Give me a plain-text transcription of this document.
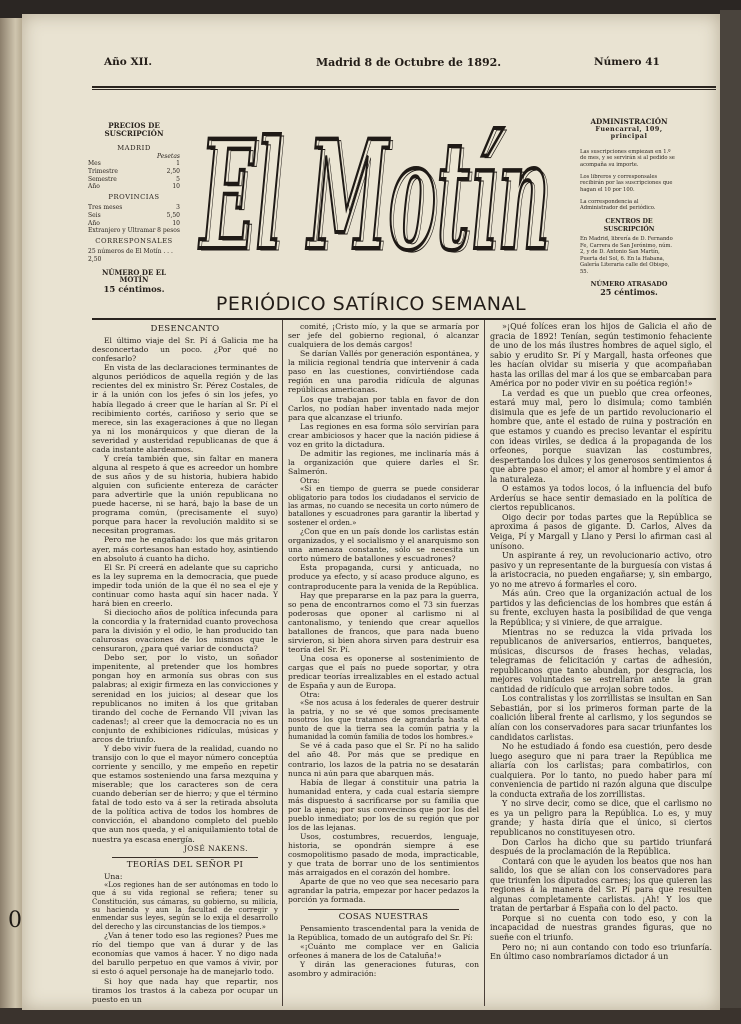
0
Año XII.	Madrid 8 de Octubre de 1892.	Número 41
El Motín
El Motín
PERIÓDICO SATÍRICO SEMANAL
PRECIOS DE SUSCRIPCIÓN
MADRID
Pesetas
Mes	1
Trimestre	2,50
Semestre	5
Año	10
PROVINCIAS
Tres meses	3
Seis	5,50
Año	10
Extranjero y Ultramar 8 pesos
CORRESPONSALES
25 números de El Motín . . . 2,50
NÚMERO DE EL MOTÍN
15 céntimos.
ADMINISTRACIÓN
Fuencarral, 109, principal

Las suscripciones empiezan en 1.º de mes, y se servirán si al pedido se acompaña su importe.

Los libreros y corresponsales recibirán por las suscripciones que hagan el 10 por 100.

La correspondencia al Administrador del periódico.

CENTROS DE SUSCRIPCIÓN
En Madrid, librería de D. Fernando Fe, Carrera de San Jerónimo, núm. 2, y de D. Antonio San Martín, Puerta del Sol, 6. En la Habana, Galería Literaria calle del Obispo, 55.
NÚMERO ATRASADO
25 céntimos.
DESENCANTO

El último viaje del Sr. Pí á Galicia me ha desconcertado un poco. ¿Por qué no confesarlo?

En vista de las declaraciones terminantes de algunos periódicos de aquella región y de las recientes del ex ministro Sr. Pérez Costales, de ir á la unión con los jefes ó sin los jefes, yo había llegado á creer que le harían al Sr. Pí el recibimiento cortés, cariñoso y serio que se merece, sin las exageraciones á que no llegan ya ni los monárquicos y que dieran de la severidad y austeridad republicanas de que á cada instante alardeamos.

Y creía también que, sin faltar en manera alguna al respeto á que es acreedor un hombre de sus años y de su historia, hubiera habido alguien con suficiente entereza de carácter para advertirle que la unión republicana no puede hacerse, ni se hará, bajo la base de un programa común, (precisamente el suyo) porque para hacer la revolución maldito si se necesitan programas.

Pero me he engañado: los que más gritaron ayer, más cortesanos han estado hoy, asintiendo en absoluto á cuanto ha dicho.

El Sr. Pí creerá en adelante que su capricho es la ley suprema en la democracia, que puede impedir toda unión de la que él no sea el eje y continuar como hasta aquí sin hacer nada. Y hará bien en creerlo.

Si dieciocho años de política infecunda para la concordia y la fraternidad cuanto provechosa para la división y el odio, le han producido tan calurosas ovaciones de los mismos que le censuraron, ¿para qué variar de conducta?

Debo ser, por lo visto, un soñador impenitente, al pretender que los hombres pongan hoy en armonía sus obras con sus palabras; al exigir firmeza en las convicciones y serenidad en los juicios; al desear que los republicanos no imiten á los que gritaban tirando del coche de Fernando VII ¡vivan las cadenas!; al creer que la democracia no es un conjunto de exhibiciones ridículas, músicas y arcos de triunfo.

Y debo vivir fuera de la realidad, cuando no transijo con lo que el mayor número conceptúa corriente y sencillo, y me empeño en repetir que estamos sosteniendo una farsa mezquina y miserable; que los caracteres son de cera cuando deberían ser de hierro; y que el término fatal de todo esto va á ser la retirada absoluta de la política activa de todos los hombres de convicción, el abandono completo del pueblo que aun nos queda, y el aniquilamiento total de nuestra ya escasa energía.

JOSÉ NAKENS.
TEORÍAS DEL SEÑOR PI

Una:

«Los regiones han de ser autónomas en todo lo que á su vida regional se refiera; tener su Constitución, sus cámaras, su gobierno, su milicia, su hacienda y aun la facultad de corregir y enmendar sus leyes, según se lo exija el desarrollo del derecho y las circunstancias de los tiempos.»

¿Van á tener todo eso las regiones? Pues me río del tiempo que van á durar y de las economías que vamos á hacer. Y no digo nada del barullo perpetuo en que vamos á vivir, por si esto ó aquel personaje ha de manejarlo todo.

Si hoy que nada hay que repartir, nos tiramos los trastos á la cabeza por ocupar un puesto en un

comité, ¡Cristo mío, y la que se armaría por ser jefe del gobierno regional, ó alcanzar cualquiera de los demás cargos!

Se darían Vallés por generación espontánea, y la milicia regional tendría que intervenir á cada paso en las cuestiones, convirtiéndose cada región en una parodia ridícula de algunas repúblicas americanas.

Los que trabajan por tabla en favor de don Carlos, no podían haber inventado nada mejor para que alcanzase el triunfo.

Las regiones en esa forma sólo servirían para crear ambiciosos y hacer que la nación pidiese á voz en grito la dictadura.

De admitir las regiones, me inclinaría más á la organización que quiere darles el Sr. Salmerón.

Otra:

«Si en tiempo de guerra se puede considerar obligatorio para todos los ciudadanos el servicio de las armas, no cuando se necesita un corto número de batallones y escuadrones para garantir la libertad y sostener el orden.»

¿Con que en un país donde los carlistas están organizados, y el socialismo y el anarquismo son una amenaza constante, sólo se necesita un corto número de batallones y escuadrones?

Esta propaganda, cursi y anticuada, no produce ya efecto, y sí acaso produce alguno, es contraproducente para la venida de la República.

Hay que prepararse en la paz para la guerra, so pena de encontrarnos como el 73 sin fuerzas poderosas que oponer al carlismo ni al cantonalismo, y teniendo que crear aquellos batallones de francos, que para nada bueno sirvieron, si bien ahora sirven para destruir esa teoría del Sr. Pí.

Una cosa es oponerse al sostenimiento de cargas que el país no puede soportar, y otra predicar teorías irrealizables en el estado actual de España y aun de Europa.

Otra:

«Se nos acusa á los federales de querer destruir la patria, y no se vé que somos precisamente nosotros los que tratamos de agrandarla hasta el punto de que la tierra sea la común patria y la humanidad la común familia de todos los hombres.»

Se vé á cada paso que el Sr. Pí no ha salido del año 48. Por más que se predique en contrario, los lazos de la patria no se desatarán nunca ni aún para que abarquen más.

Había de llegar á constituir una patria la humanidad entera, y cada cual estaría siempre más dispuesto á sacrificarse por su familia que por la ajena; por sus convecinos que por los del pueblo inmediato; por los de su región que por los de las lejanas.

Usos, costumbres, recuerdos, lenguaje, historia, se opondrán siempre á ese cosmopolitismo pasado de moda, impracticable, y que trata de borrar uno de los sentimientos más arraigados en el corazón del hombre.

Aparte de que no veo que sea necesario para agrandar la patria, empezar por hacer pedazos la porción ya formada.

COSAS NUESTRAS

Pensamiento trascendental para la venida de la República, tomado de un autógrafo del Sr. Pí:

«¡Cuánto me complace ver en Galicia orfeones á manera de los de Cataluña!»

Y dirán las generaciones futuras, con asombro y admiración:

»¡Qué folíces eran los hijos de Galicia el año de gracia de 1892! Tenían, según testimonio fehaciente de uno de los más ilustres hombres de aquel siglo, el sabio y erudito Sr. Pí y Margall, hasta orfeones que les hacían olvidar su miseria y que acompañaban hasta las orillas del mar á los que se embarcaban para América por no poder vivir en su poética región!»

La verdad es que un pueblo que crea orfeones, estará muy mal, pero lo disimula; como también disimula que es jefe de un partido revolucionario el hombre que, ante el estado de ruina y postración en que estamos y cuando es preciso levantar el espíritu con ideas viriles, se dedica á la propaganda de los orfeones, porque suavizan las costumbres, despertando los dulces y los generosos sentimientos á que abre paso el amor; el amor al hombre y el amor á la naturaleza.

O estamos ya todos locos, ó la influencia del bufo Arderíus se hace sentir demasiado en la política de ciertos republicanos.

Oigo decir por todas partes que la República se aproxima á pasos de gigante. D. Carlos, Alves da Veiga, Pí y Margall y Llano y Persi lo afirman casi al unísono.

Un aspirante á rey, un revolucionario activo, otro pasivo y un representante de la burguesía con vistas á la aristocracia, no pueden engañarse; y, sin embargo, yo no me atrevo á formarles el coro.

Más aún. Creo que la organización actual de los partidos y las deficiencias de los hombres que están á su frente, excluyen hasta la posibilidad de que venga la República; y si viniere, de que arraigue.

Mientras no se reduzca la vida privada los republicanos de aniversarios, entierros, banquetes, músicas, discursos de frases hechas, veladas, telegramas de felicitación y cartas de adhesión, republicanos que tanto abundan, por desgracia, los mejores voluntades se estrellarán ante la gran cantidad de ridículo que arrojan sobre todos.

Los contralistas y los zorrillistas se insultan en San Sebastián, por si los primeros forman parte de la coalición liberal frente al carlismo, y los segundos se alían con los conservadores para sacar triunfantes los candidatos carlistas.

No he estudiado á fondo esa cuestión, pero desde luego aseguro que ni para traer la República me aliaría con los carlistas; para combatirlos, con cualquiera. Por lo tanto, no puedo haber para mí conveniencia de partido ni razón alguna que disculpe la conducta extraña de los zorrillistas.

Y no sirve decir, como se dice, que el carlismo no es ya un peligro para la República. Lo es, y muy grande; y hasta diría que el único, si ciertos republicanos no constituyesen otro.

Don Carlos ha dicho que su partido triunfará después de la proclamación de la República.

Contará con que le ayuden los beatos que nos han salido, los que se alían con los conservadores para que triunfen los diputados carnes; los que quieren las regiones á la manera del Sr. Pí para que resulten algunas completamente carlistas. ¡Ah! Y los que tratan de pertarbar á España con lo del pacto.

Porque si no cuenta con todo eso, y con la incapacidad de nuestras grandes figuras, que no sueñe con el triunfo.

Pero no; ni aun contando con todo eso triunfaría. En último caso nombraríamos dictador á un
